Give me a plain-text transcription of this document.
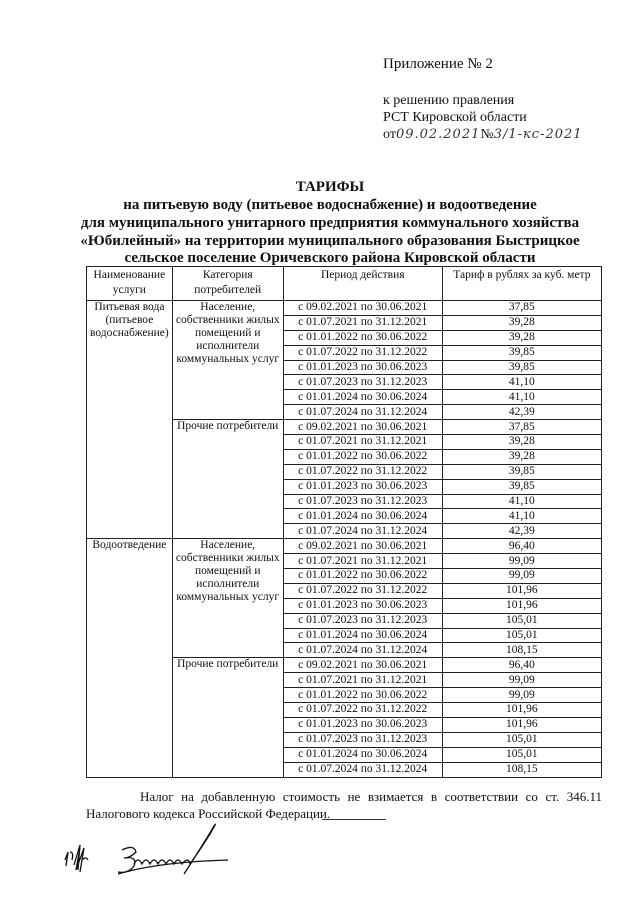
Приложение № 2
к решению правления
РСТ Кировской области
от09.02.2021№3/1-кс-2021
ТАРИФЫ
на питьевую воду (питьевое водоснабжение) и водоотведение
для муниципального унитарного предприятия коммунального хозяйства
«Юбилейный» на территории муниципального образования Быстрицкое
сельское поселение Оричевского района Кировской области
Наименование услуги	Категория потребителей	Период действия	Тариф в рублях за куб. метр
Питьевая вода (питьевое водоснабжение)	Население, собственники жилых помещений и исполнители коммунальных услуг	с 09.02.2021 по 30.06.2021	37,85
		с 01.07.2021 по 31.12.2021	39,28
		с 01.01.2022 по 30.06.2022	39,28
		с 01.07.2022 по 31.12.2022	39,85
		с 01.01.2023 по 30.06.2023	39,85
		с 01.07.2023 по 31.12.2023	41,10
		с 01.01.2024 по 30.06.2024	41,10
		с 01.07.2024 по 31.12.2024	42,39
	Прочие потребители	с 09.02.2021 по 30.06.2021	37,85
		с 01.07.2021 по 31.12.2021	39,28
		с 01.01.2022 по 30.06.2022	39,28
		с 01.07.2022 по 31.12.2022	39,85
		с 01.01.2023 по 30.06.2023	39,85
		с 01.07.2023 по 31.12.2023	41,10
		с 01.01.2024 по 30.06.2024	41,10
		с 01.07.2024 по 31.12.2024	42,39
Водоотведение	Население, собственники жилых помещений и исполнители коммунальных услуг	с 09.02.2021 по 30.06.2021	96,40
		с 01.07.2021 по 31.12.2021	99,09
		с 01.01.2022 по 30.06.2022	99,09
		с 01.07.2022 по 31.12.2022	101,96
		с 01.01.2023 по 30.06.2023	101,96
		с 01.07.2023 по 31.12.2023	105,01
		с 01.01.2024 по 30.06.2024	105,01
		с 01.07.2024 по 31.12.2024	108,15
	Прочие потребители	с 09.02.2021 по 30.06.2021	96,40
		с 01.07.2021 по 31.12.2021	99,09
		с 01.01.2022 по 30.06.2022	99,09
		с 01.07.2022 по 31.12.2022	101,96
		с 01.01.2023 по 30.06.2023	101,96
		с 01.07.2023 по 31.12.2023	105,01
		с 01.01.2024 по 30.06.2024	105,01
		с 01.07.2024 по 31.12.2024	108,15
Налог на добавленную стоимость не взимается в соответствии со ст. 346.11
Налогового кодекса Российской Федерации.
